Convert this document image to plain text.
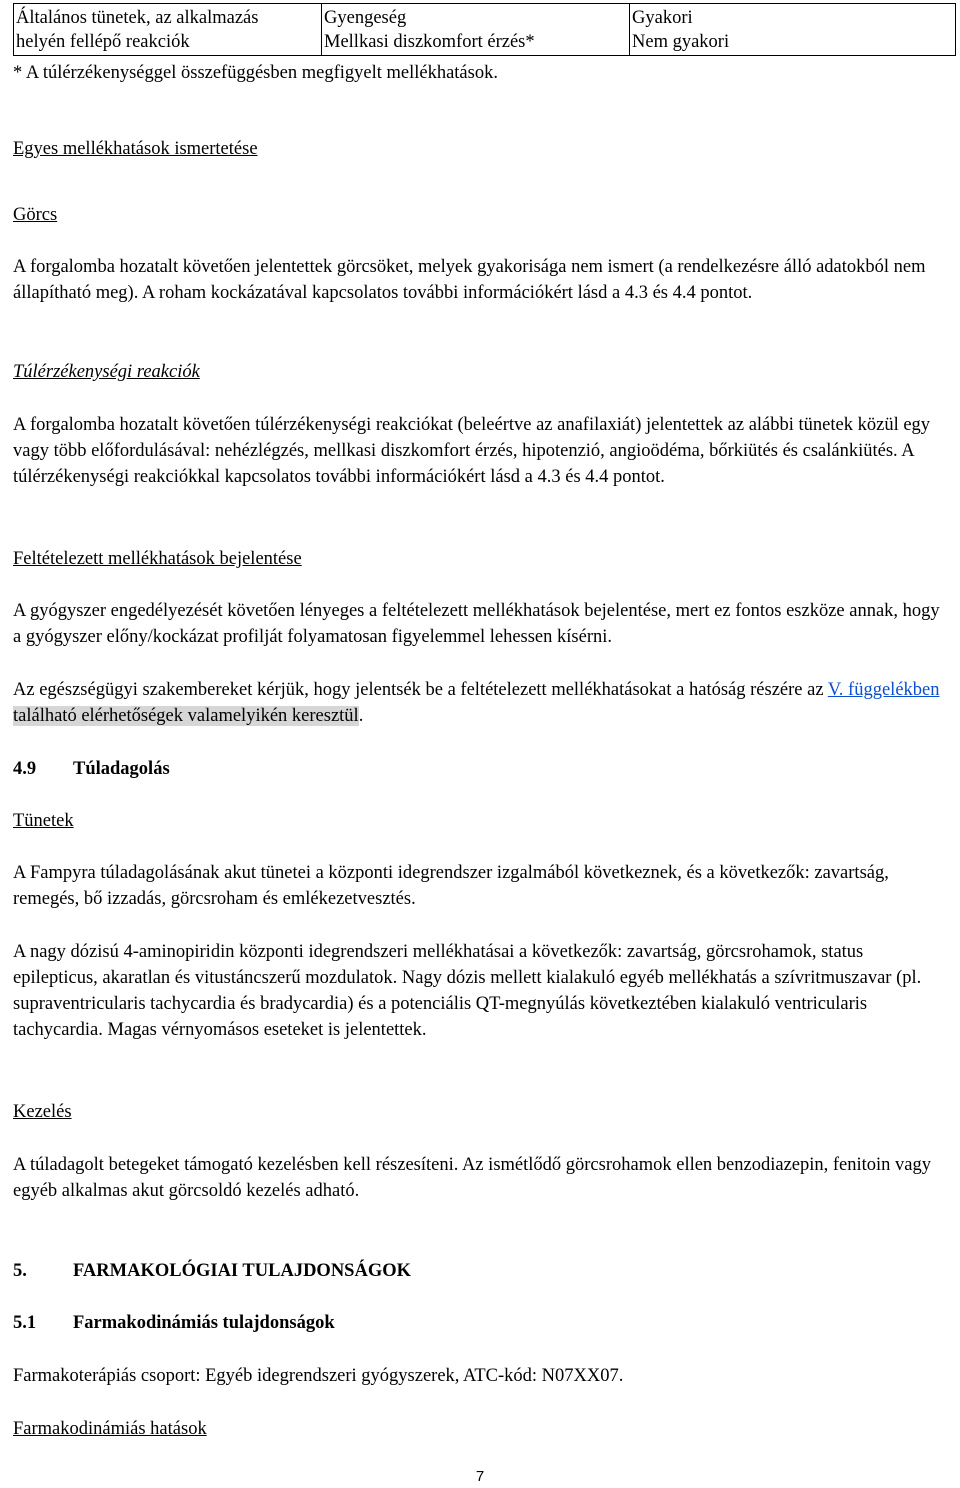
Általános tünetek, az alkalmazás
helyén fellépő reakciók

Gyengeség
Mellkasi diszkomfort érzés*

Gyakori
Nem gyakori
* A túlérzékenységgel összefüggésben megfigyelt mellékhatások.
Egyes mellékhatások ismertetése
Görcs
A forgalomba hozatalt követően jelentettek görcsöket, melyek gyakorisága nem ismert (a rendelkezésre álló adatokból nem állapítható meg). A roham kockázatával kapcsolatos további információkért lásd a 4.3 és 4.4 pontot.
Túlérzékenységi reakciók
A forgalomba hozatalt követően túlérzékenységi reakciókat (beleértve az anafilaxiát) jelentettek az alábbi tünetek közül egy vagy több előfordulásával: nehézlégzés, mellkasi diszkomfort érzés, hipotenzió, angioödéma, bőrkiütés és csalánkiütés. A túlérzékenységi reakciókkal kapcsolatos további információkért lásd a 4.3 és 4.4 pontot.
Feltételezett mellékhatások bejelentése
A gyógyszer engedélyezését követően lényeges a feltételezett mellékhatások bejelentése, mert ez fontos eszköze annak, hogy a gyógyszer előny/kockázat profilját folyamatosan figyelemmel lehessen kísérni.
Az egészségügyi szakembereket kérjük, hogy jelentsék be a feltételezett mellékhatásokat a hatóság részére az V. függelékben található elérhetőségek valamelyikén keresztül.
4.9 Túladagolás
Tünetek
A Fampyra túladagolásának akut tünetei a központi idegrendszer izgalmából következnek, és a következők: zavartság, remegés, bő izzadás, görcsroham és emlékezetvesztés.
A nagy dózisú 4-aminopiridin központi idegrendszeri mellékhatásai a következők: zavartság, görcsrohamok, status epilepticus, akaratlan és vitustáncszerű mozdulatok. Nagy dózis mellett kialakuló egyéb mellékhatás a szívritmuszavar (pl. supraventricularis tachycardia és bradycardia) és a potenciális QT-megnyúlás következtében kialakuló ventricularis tachycardia. Magas vérnyomásos eseteket is jelentettek.
Kezelés
A túladagolt betegeket támogató kezelésben kell részesíteni. Az ismétlődő görcsrohamok ellen benzodiazepin, fenitoin vagy egyéb alkalmas akut görcsoldó kezelés adható.
5. FARMAKOLÓGIAI TULAJDONSÁGOK
5.1 Farmakodinámiás tulajdonságok
Farmakoterápiás csoport: Egyéb idegrendszeri gyógyszerek, ATC-kód: N07XX07.
Farmakodinámiás hatások
7
